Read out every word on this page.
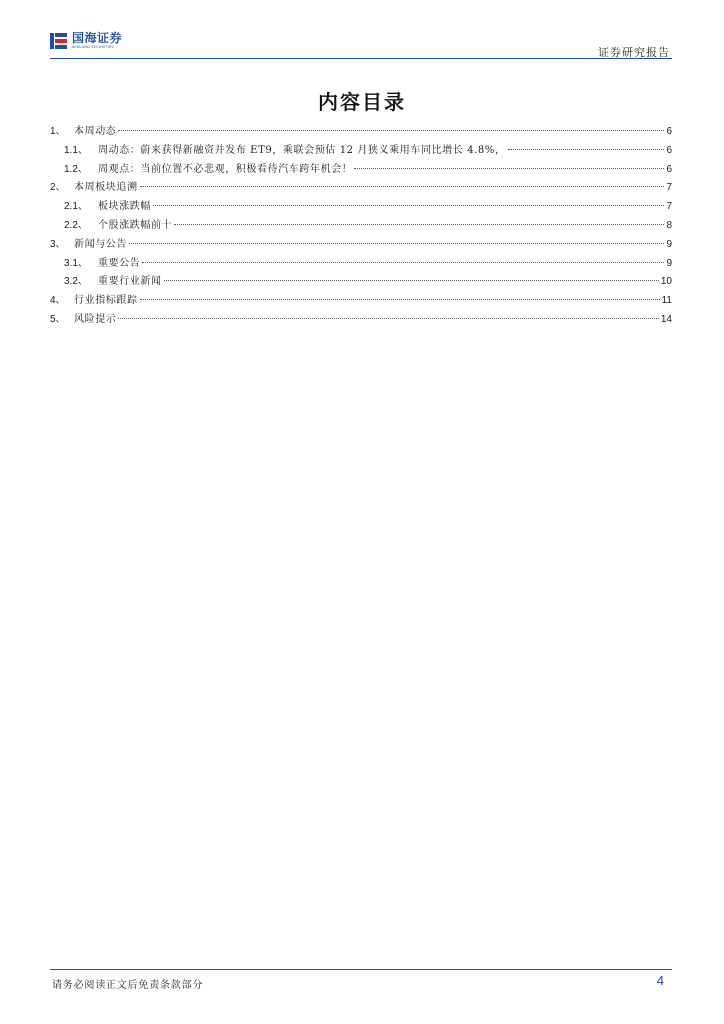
国海证券
SEALAND SECURITIES	证券研究报告
内容目录
1、 本周动态	6
1.1、	周动态：蔚来获得新融资并发布 ET9，乘联会预估 12 月狭义乘用车同比增长 4.8%，	6
1.2、	周观点：当前位置不必悲观，积极看待汽车跨年机会！	6
2、 本周板块追溯	7
2.1、	板块涨跌幅	7
2.2、	个股涨跌幅前十	8
3、 新闻与公告	9
3.1、	重要公告	9
3.2、	重要行业新闻	10
4、 行业指标跟踪	11
5、 风险提示	14
请务必阅读正文后免责条款部分	4
